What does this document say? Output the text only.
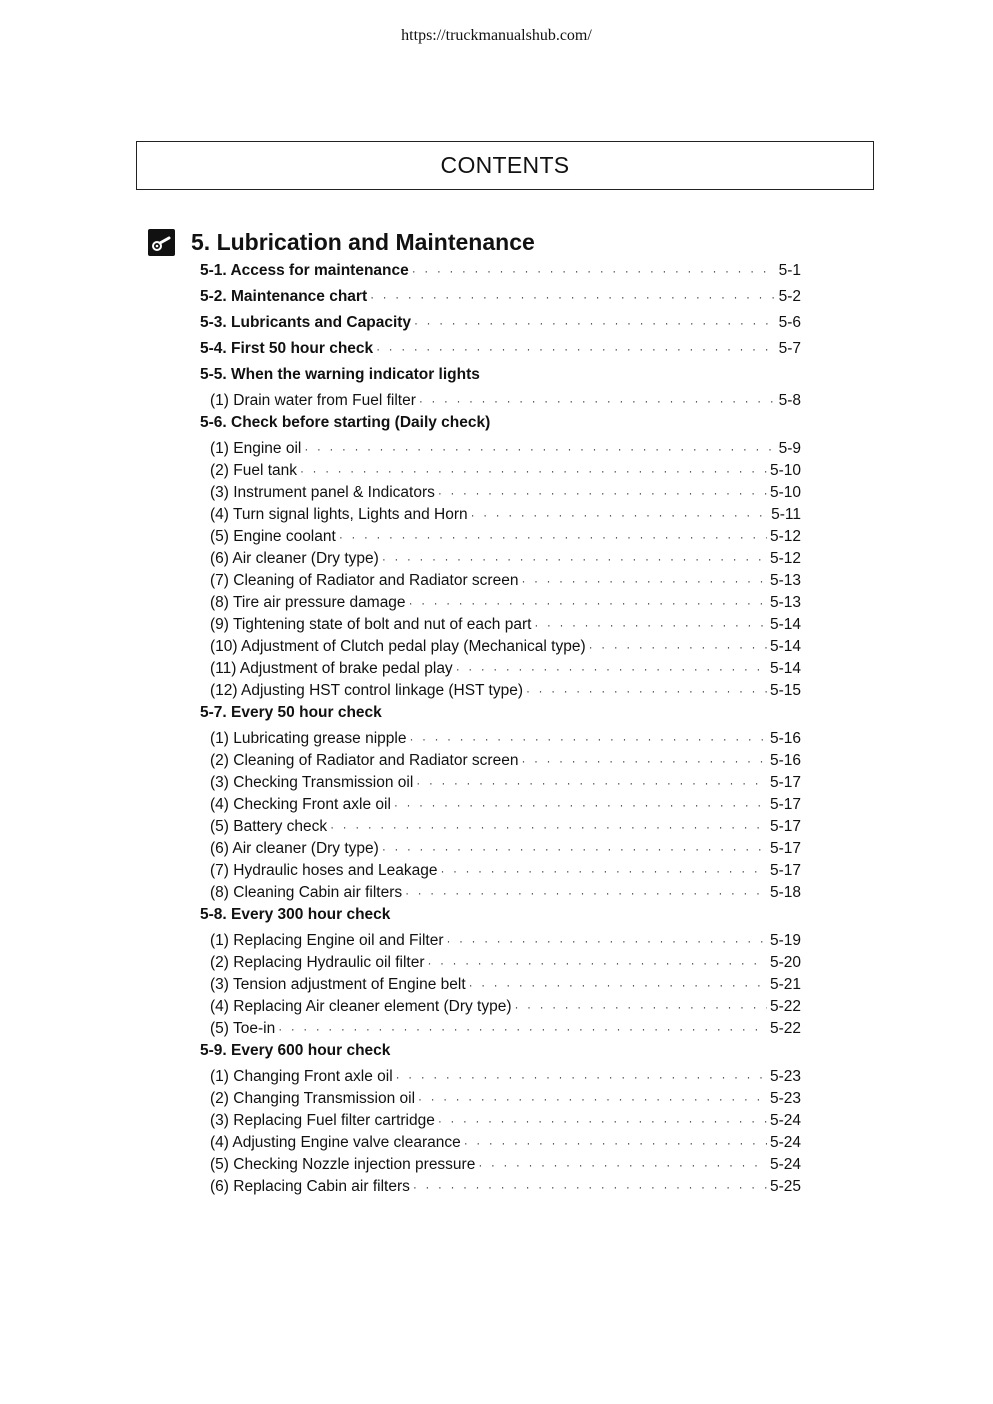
https://truckmanualshub.com/
CONTENTS
5. Lubrication and Maintenance
5-1. Access for maintenance · · ·	5-1
5-2. Maintenance chart · · ·	5-2
5-3. Lubricants and Capacity · · ·	5-6
5-4. First 50 hour check · · ·	5-7
5-5. When the warning indicator lights
(1) Drain water from Fuel filter · · ·	5-8
5-6. Check before starting (Daily check)
(1) Engine oil · · ·	5-9
(2) Fuel tank · · ·	5-10
(3) Instrument panel & Indicators · · ·	5-10
(4) Turn signal lights, Lights and Horn · · ·	5-11
(5) Engine coolant · · ·	5-12
(6) Air cleaner (Dry type) · · ·	5-12
(7) Cleaning of Radiator and Radiator screen · · ·	5-13
(8) Tire air pressure damage · · ·	5-13
(9) Tightening state of bolt and nut of each part · · ·	5-14
(10) Adjustment of Clutch pedal play (Mechanical type) · · ·	5-14
(11) Adjustment of brake pedal play · · ·	5-14
(12) Adjusting HST control linkage (HST type) · · ·	5-15
5-7. Every 50 hour check
(1) Lubricating grease nipple · · ·	5-16
(2) Cleaning of Radiator and Radiator screen · · ·	5-16
(3) Checking Transmission oil · · ·	5-17
(4) Checking Front axle oil · · ·	5-17
(5) Battery check · · ·	5-17
(6) Air cleaner (Dry type) · · ·	5-17
(7) Hydraulic hoses and Leakage · · ·	5-17
(8) Cleaning Cabin air filters · · ·	5-18
5-8. Every 300 hour check
(1) Replacing Engine oil and Filter · · ·	5-19
(2) Replacing Hydraulic oil filter · · ·	5-20
(3) Tension adjustment of Engine belt · · ·	5-21
(4) Replacing Air cleaner element (Dry type) · · ·	5-22
(5) Toe-in · · ·	5-22
5-9. Every 600 hour check
(1) Changing Front axle oil · · ·	5-23
(2) Changing Transmission oil · · ·	5-23
(3) Replacing Fuel filter cartridge · · ·	5-24
(4) Adjusting Engine valve clearance · · ·	5-24
(5) Checking Nozzle injection pressure · · ·	5-24
(6) Replacing Cabin air filters · · ·	5-25
